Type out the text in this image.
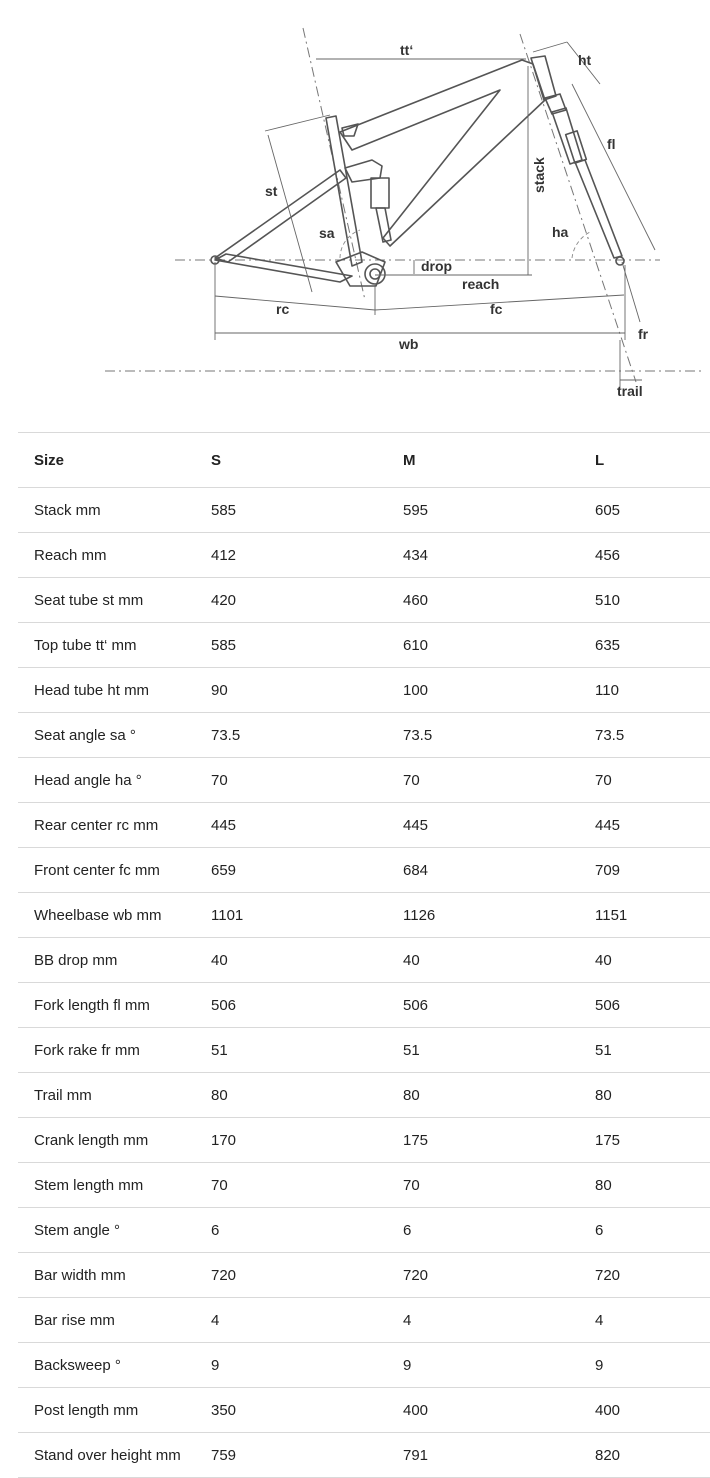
tt‘
ht
fl
st	stack
sa	ha
drop
reach
rc	fc
wb
fr
trail
Size	S	M	L
Stack mm	585	595	605
Reach mm	412	434	456
Seat tube st mm	420	460	510
Top tube tt‘ mm	585	610	635
Head tube ht mm	90	100	110
Seat angle sa °	73.5	73.5	73.5
Head angle ha °	70	70	70
Rear center rc mm	445	445	445
Front center fc mm	659	684	709
Wheelbase wb mm	1101	1126	1151
BB drop mm	40	40	40
Fork length fl mm	506	506	506
Fork rake fr mm	51	51	51
Trail mm	80	80	80
Crank length mm	170	175	175
Stem length mm	70	70	80
Stem angle °	6	6	6
Bar width mm	720	720	720
Bar rise mm	4	4	4
Backsweep °	9	9	9
Post length mm	350	400	400
Stand over height mm	759	791	820
